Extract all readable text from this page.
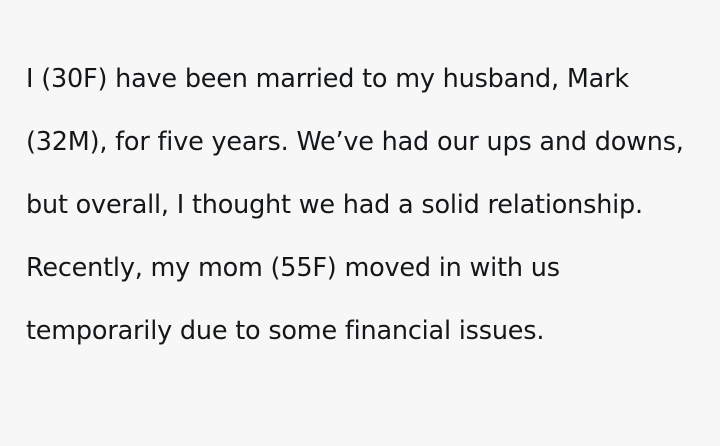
I (30F) have been married to my husband, Mark (32M), for five years. We’ve had our ups and downs, but overall, I thought we had a solid relationship. Recently, my mom (55F) moved in with us temporarily due to some financial issues.
